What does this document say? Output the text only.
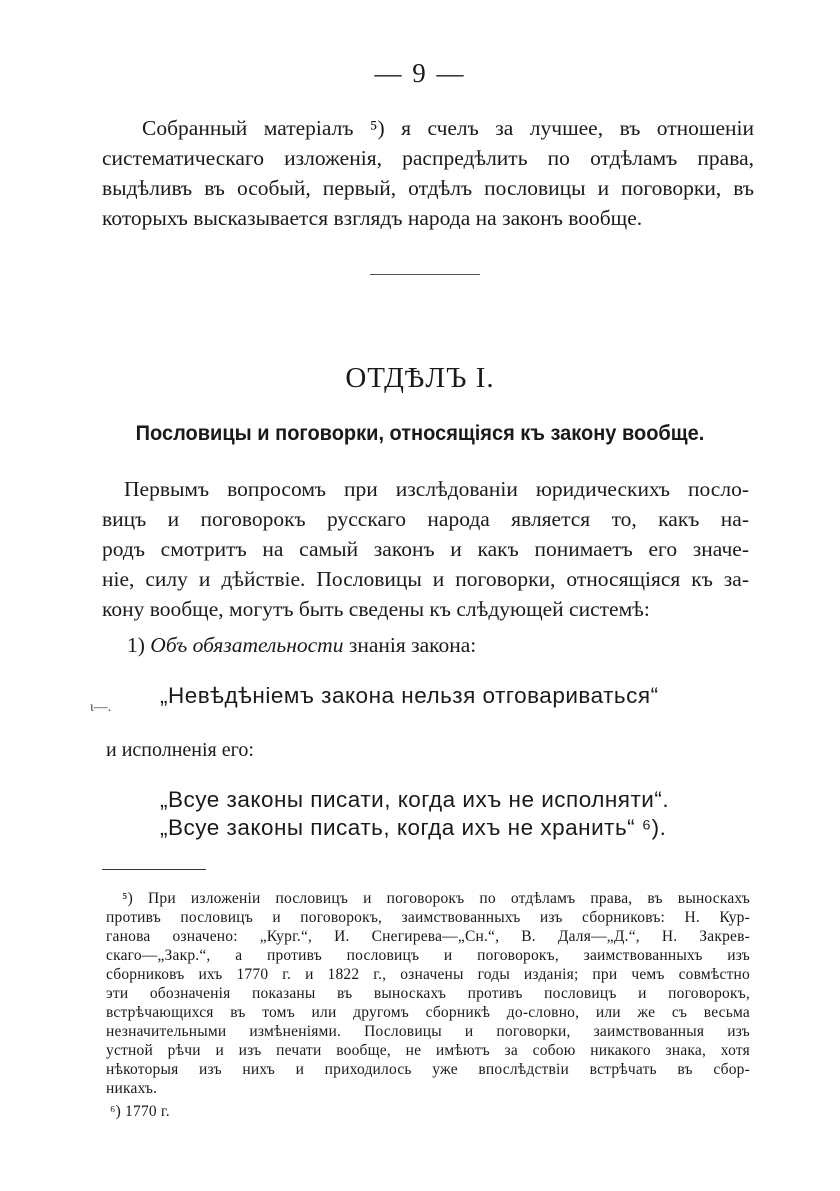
— 9 —
Собранный матеріалъ ⁵) я счелъ за лучшее, въ отношеніи
систематическаго изложенія, распредѣлить по отдѣламъ права,
выдѣливъ въ особый, первый, отдѣлъ пословицы и поговорки, въ
которыхъ высказывается взглядъ народа на законъ вообще.
ОТДѢЛЪ I.
Пословицы и поговорки, относящіяся къ закону вообще.
Первымъ вопросомъ при изслѣдованіи юридическихъ посло-
вицъ и поговорокъ русскаго народа является то, какъ на-
родъ смотритъ на самый законъ и какъ понимаетъ его значе-
ніе, силу и дѣйствіе. Пословицы и поговорки, относящіяся къ за-
кону вообще, могутъ быть сведены къ слѣдующей системѣ:
1) Объ обязательности знанія закона:
ι—. „Невѣдѣніемъ закона нельзя отговариваться“
и исполненія его:
„Всуе законы писати, когда ихъ не исполняти“.
„Всуе законы писать, когда ихъ не хранить“ ⁶).
⁵) При изложеніи пословицъ и поговорокъ по отдѣламъ права, въ выноскахъ
противъ пословицъ и поговорокъ, заимствованныхъ изъ сборниковъ: Н. Кур-
ганова означено: „Кург.“, И. Снегирева—„Сн.“, В. Даля—„Д.“, Н. Закрев-
скаго—„Закр.“, а противъ пословицъ и поговорокъ, заимствованныхъ изъ
сборниковъ ихъ 1770 г. и 1822 г., означены годы изданія; при чемъ совмѣстно
эти обозначенія показаны въ выноскахъ противъ пословицъ и поговорокъ,
встрѣчающихся въ томъ или другомъ сборникѣ до-словно, или же съ весьма
незначительными измѣненіями. Пословицы и поговорки, заимствованныя изъ
устной рѣчи и изъ печати вообще, не имѣютъ за собою никакого знака, хотя
нѣкоторыя изъ нихъ и приходилось уже впослѣдствіи встрѣчать въ сбор-
никахъ.
⁶) 1770 г.
